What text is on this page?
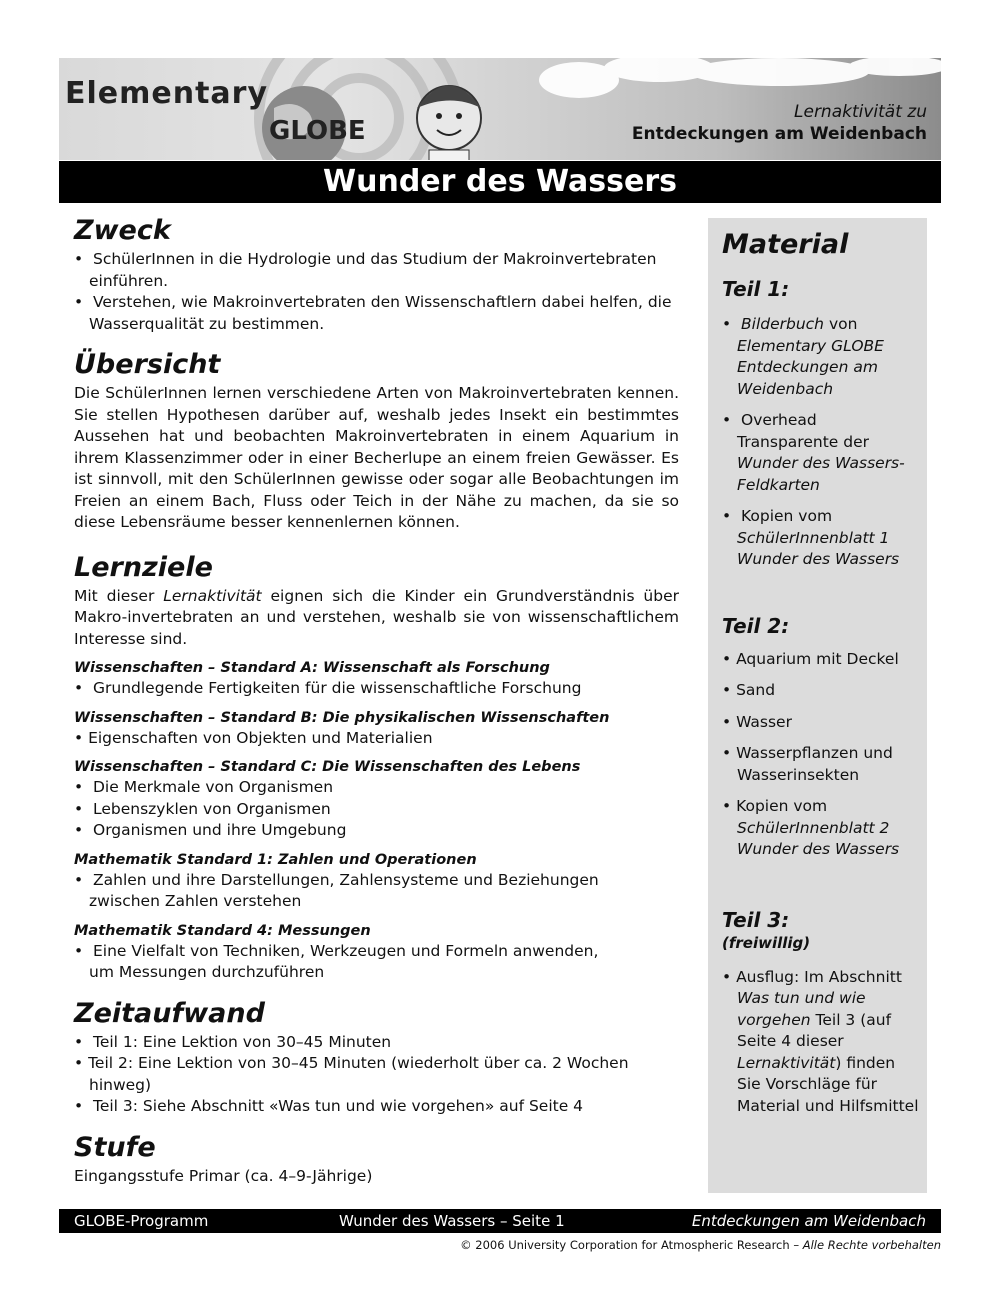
Elementary
GLOBE
Lernaktivität zu
Entdeckungen am Weidenbach
Wunder des Wassers
Zweck
•  SchülerInnen in die Hydrologie und das Studium der Makroinvertebraten einführen.
•  Verstehen, wie Makroinvertebraten den Wissenschaftlern dabei helfen, die Wasserqualität zu bestimmen.
Übersicht

Die SchülerInnen lernen verschiedene Arten von Makroinvertebraten kennen. Sie stellen Hypothesen darüber auf, weshalb jedes Insekt ein bestimmtes Aussehen hat und beobachten Makroinvertebraten in einem Aquarium in ihrem Klassenzimmer oder in einer Becherlupe an einem freien Gewässer. Es ist sinnvoll, mit den SchülerInnen gewisse oder sogar alle Beobachtungen im Freien an einem Bach, Fluss oder Teich in der Nähe zu machen, da sie so diese Lebensräume besser kennenlernen können.

Lernziele

Mit dieser Lernaktivität eignen sich die Kinder ein Grundverständnis über Makro-invertebraten an und verstehen, weshalb sie von wissenschaftlichem Interesse sind.

Wissenschaften – Standard A: Wissenschaft als Forschung
•  Grundlegende Fertigkeiten für die wissenschaftliche Forschung
Wissenschaften – Standard B: Die physikalischen Wissenschaften
• Eigenschaften von Objekten und Materialien
Wissenschaften – Standard C: Die Wissenschaften des Lebens
•  Die Merkmale von Organismen
•  Lebenszyklen von Organismen
•  Organismen und ihre Umgebung
Mathematik Standard 1: Zahlen und Operationen
•  Zahlen und ihre Darstellungen, Zahlensysteme und Beziehungen zwischen Zahlen verstehen
Mathematik Standard 4: Messungen
•  Eine Vielfalt von Techniken, Werkzeugen und Formeln anwenden, um Messungen durchzuführen
Zeitaufwand
•  Teil 1: Eine Lektion von 30–45 Minuten
• Teil 2: Eine Lektion von 30–45 Minuten (wiederholt über ca. 2 Wochen hinweg)
•  Teil 3: Siehe Abschnitt «Was tun und wie vorgehen» auf Seite 4
Stufe

Eingangsstufe Primar (ca. 4–9-Jährige)

Material
Teil 1:
•  Bilderbuch von Elementary GLOBE Entdeckungen am Weidenbach
•  Overhead Transparente der Wunder des Wassers-Feldkarten
•  Kopien vom SchülerInnenblatt 1 Wunder des Wassers
Teil 2:
• Aquarium mit Deckel
• Sand
• Wasser
• Wasserpflanzen und Wasserinsekten
• Kopien vom SchülerInnenblatt 2 Wunder des Wassers
Teil 3:
(freiwillig)
• Ausflug: Im Abschnitt Was tun und wie vorgehen Teil 3 (auf Seite 4 dieser Lernaktivität) finden Sie Vorschläge für Material und Hilfsmittel
GLOBE-Programm	Wunder des Wassers – Seite 1	Entdeckungen am Weidenbach
© 2006 University Corporation for Atmospheric Research – Alle Rechte vorbehalten
